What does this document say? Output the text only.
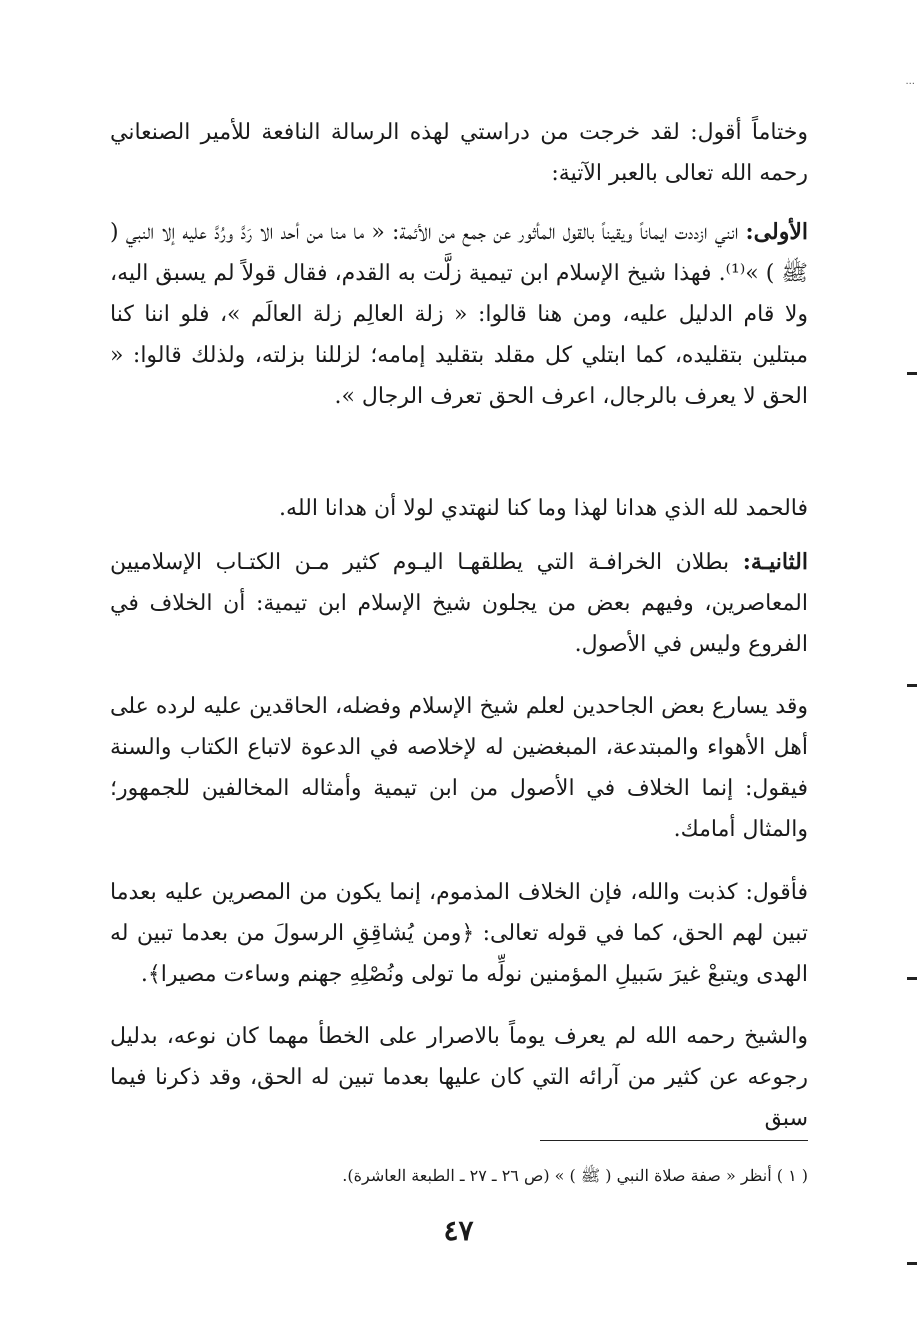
...

وختاماً أقول: لقد خرجت من دراستي لهذه الرسالة النافعة للأمير الصنعاني رحمه الله تعالى بالعبر الآتية:

الأولى: انني ازددت ايماناً ويقيناً بالقول المأثور عن جمع من الأئمة: « ما منا من أحد الا رَدَّ ورُدَّ عليه إلا النبي ( ﷺ ) »⁽¹⁾. فهذا شيخ الإسلام ابن تيمية زلَّت به القدم، فقال قولاً لم يسبق اليه، ولا قام الدليل عليه، ومن هنا قالوا: « زلة العالِم زلة العالَم »، فلو اننا كنا مبتلين بتقليده، كما ابتلي كل مقلد بتقليد إمامه؛ لزللنا بزلته، ولذلك قالوا: « الحق لا يعرف بالرجال، اعرف الحق تعرف الرجال ».

فالحمد لله الذي هدانا لهذا وما كنا لنهتدي لولا أن هدانا الله.

الثانيـة: بطلان الخرافـة التي يطلقهـا اليـوم كثير مـن الكتـاب الإسلاميين المعاصرين، وفيهم بعض من يجلون شيخ الإسلام ابن تيمية: أن الخلاف في الفروع وليس في الأصول.

وقد يسارع بعض الجاحدين لعلم شيخ الإسلام وفضله، الحاقدين عليه لرده على أهل الأهواء والمبتدعة، المبغضين له لإخلاصه في الدعوة لاتباع الكتاب والسنة فيقول: إنما الخلاف في الأصول من ابن تيمية وأمثاله المخالفين للجمهور؛ والمثال أمامك.

فأقول: كذبت والله، فإن الخلاف المذموم، إنما يكون من المصرين عليه بعدما تبين لهم الحق، كما في قوله تعالى: ﴿ومن يُشاقِقِ الرسولَ من بعدما تبين له الهدى ويتبعْ غيرَ سَبيلِ المؤمنين نولِّه ما تولى ونُصْلِهِ جهنم وساءت مصيرا﴾.

والشيخ رحمه الله لم يعرف يوماً بالاصرار على الخطأ مهما كان نوعه، بدليل رجوعه عن كثير من آرائه التي كان عليها بعدما تبين له الحق، وقد ذكرنا فيما سبق

( ١ ) أنظر « صفة صلاة النبي ( ﷺ ) » (ص ٢٦ ـ ٢٧ ـ الطبعة العاشرة).
٤٧
